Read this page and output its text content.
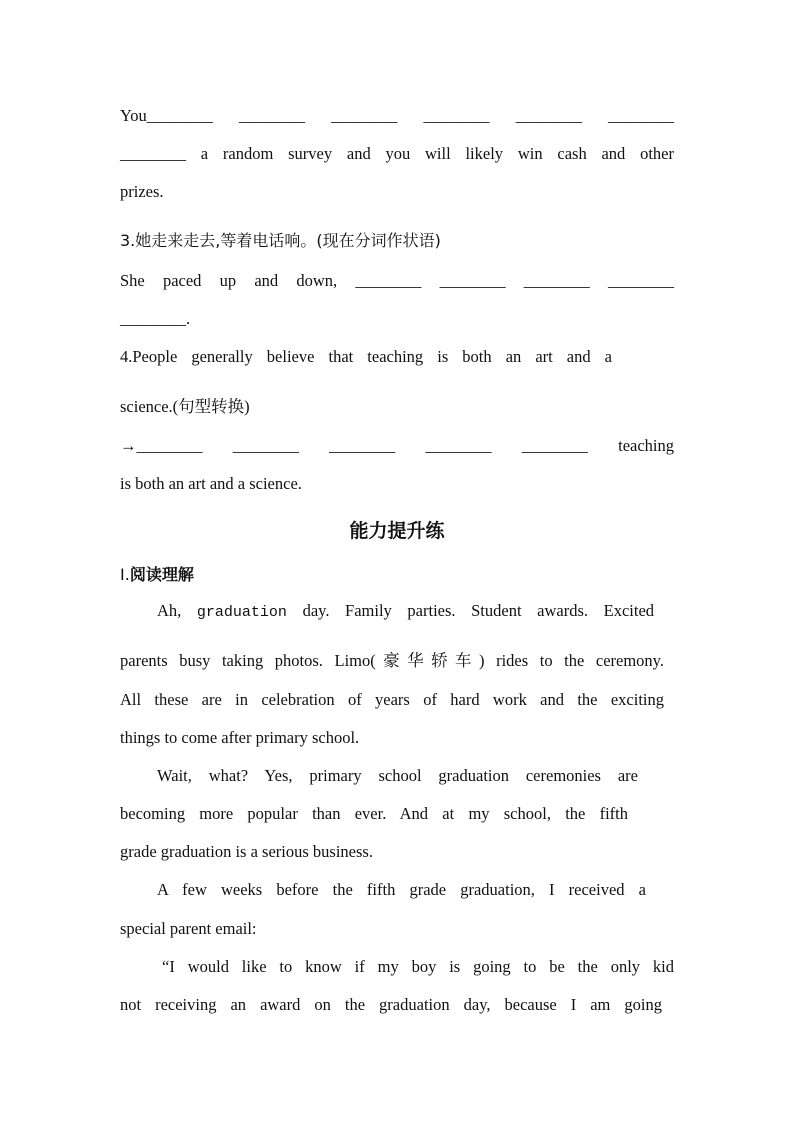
You________ ________ ________ ________ ________ ________
________ a random survey and you will likely win cash and other
prizes.
3.她走来走去,等着电话响。(现在分词作状语)
She paced up and down, ________ ________ ________ ________
________.
4.People generally believe that teaching is both an art and a
science.(句型转换)
→________ ________ ________ ________ ________ teaching
is both an art and a science.
能力提升练
Ⅰ.阅读理解
Ah, graduation day. Family parties. Student awards. Excited
parents busy taking photos. Limo(豪华轿车) rides to the ceremony.
All these are in celebration of years of hard work and the exciting
things to come after primary school.
Wait, what? Yes, primary school graduation ceremonies are
becoming more popular than ever. And at my school, the fifth
grade graduation is a serious business.
A few weeks before the fifth grade graduation, I received a
special parent email:
“I would like to know if my boy is going to be the only kid
not receiving an award on the graduation day, because I am going
